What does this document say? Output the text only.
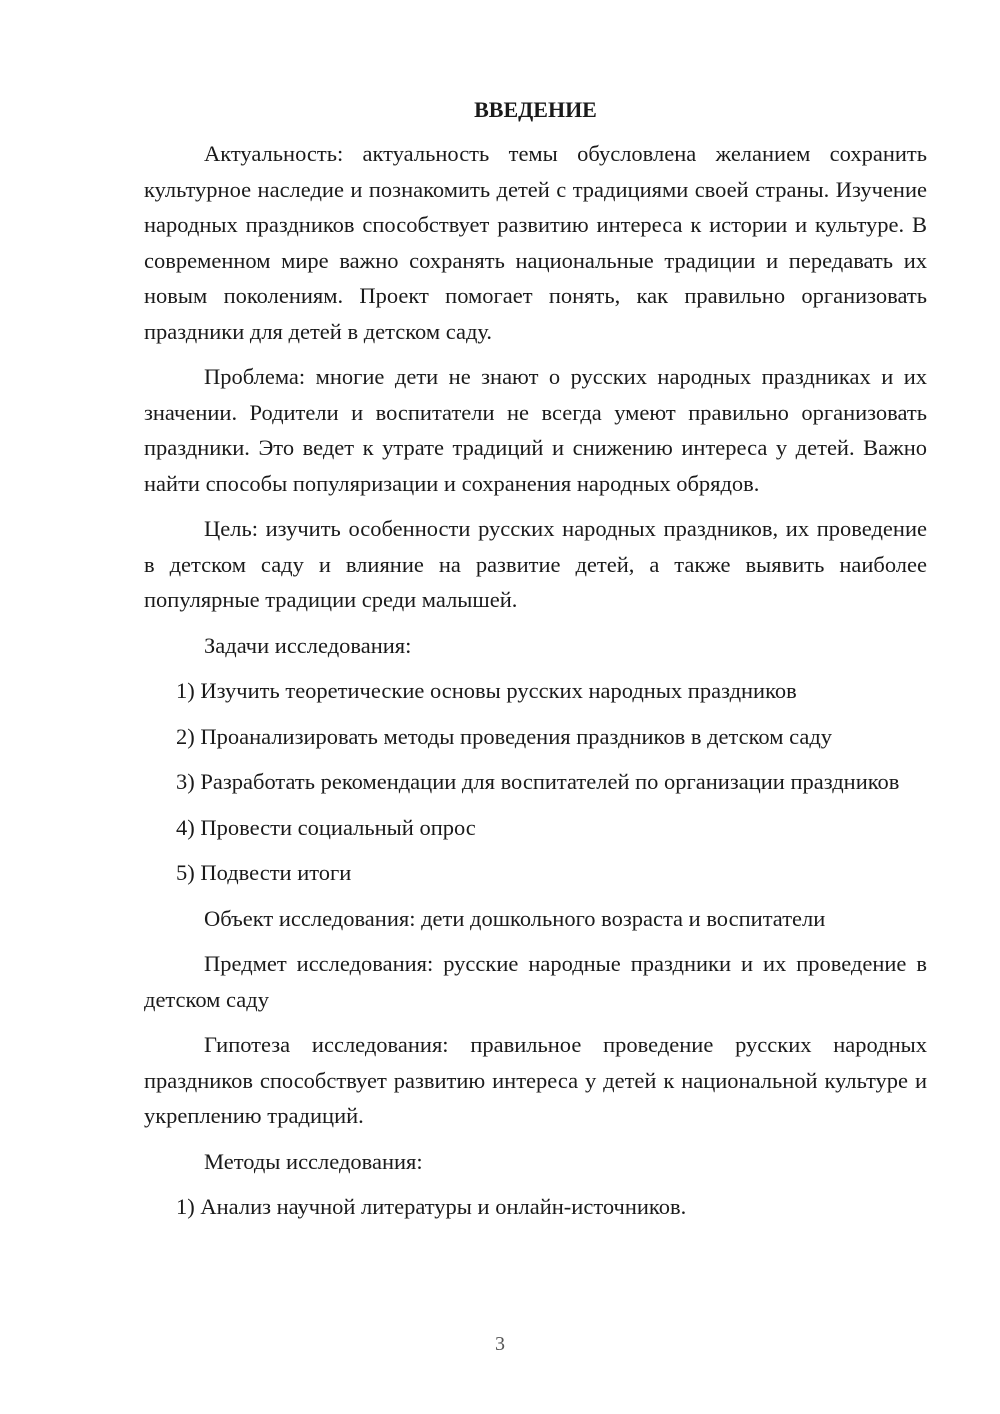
ВВЕДЕНИЕ

Актуальность: актуальность темы обусловлена желанием сохранить культурное наследие и познакомить детей с традициями своей страны. Изучение народных праздников способствует развитию интереса к истории и культуре. В современном мире важно сохранять национальные традиции и передавать их новым поколениям. Проект помогает понять, как правильно организовать праздники для детей в детском саду.

Проблема: многие дети не знают о русских народных праздниках и их значении. Родители и воспитатели не всегда умеют правильно организовать праздники. Это ведет к утрате традиций и снижению интереса у детей. Важно найти способы популяризации и сохранения народных обрядов.

Цель: изучить особенности русских народных праздников, их проведение в детском саду и влияние на развитие детей, а также выявить наиболее популярные традиции среди малышей.

Задачи исследования:

1) Изучить теоретические основы русских народных праздников

2) Проанализировать методы проведения праздников в детском саду

3) Разработать рекомендации для воспитателей по организации праздников

4) Провести социальный опрос

5) Подвести итоги

Объект исследования: дети дошкольного возраста и воспитатели

Предмет исследования: русские народные праздники и их проведение в детском саду

Гипотеза исследования: правильное проведение русских народных праздников способствует развитию интереса у детей к национальной культуре и укреплению традиций.

Методы исследования:

1) Анализ научной литературы и онлайн-источников.

3
